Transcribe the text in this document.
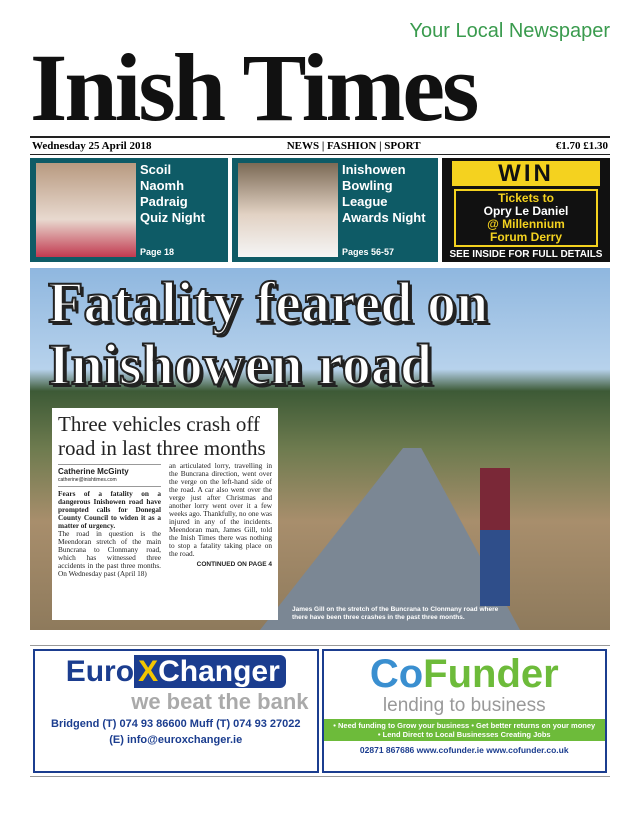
Your Local Newspaper
Inish Times
Wednesday 25 April 2018	NEWS | FASHION | SPORT	€1.70 £1.30
Scoil
Naomh
Padraig
Quiz Night
Page 18
Inishowen
Bowling
League
Awards Night
Pages 56-57
WIN
Tickets to
Opry Le Daniel
@ Millennium
Forum Derry
SEE INSIDE FOR FULL DETAILS
Fatality feared on Inishowen road
Three vehicles crash off road in last three months
Catherine McGinty
catherine@inishtimes.com

Fears of a fatality on a dangerous Inishowen road have prompted calls for Donegal County Council to widen it as a matter of urgency.

The road in question is the Meendoran stretch of the main Buncrana to Clonmany road, which has witnessed three accidents in the past three months. On Wednesday past (April 18)

an articulated lorry, travelling in the Buncrana direction, went over the verge on the left-hand side of the road. A car also went over the verge just after Christmas and another lorry went over it a few weeks ago. Thankfully, no one was injured in any of the incidents. Meendoran man, James Gill, told the Inish Times there was nothing to stop a fatality taking place on the road.

CONTINUED ON PAGE 4

James Gill on the stretch of the Buncrana to Clonmany road where there have been three crashes in the past three months.
Euro XChanger
we beat the bank
Bridgend (T) 074 93 86600 Muff (T) 074 93 27022
(E) info@euroxchanger.ie
CoFunder
lending to business
• Need funding to Grow your business • Get better returns on your money
• Lend Direct to Local Businesses Creating Jobs
02871 867686 www.cofunder.ie www.cofunder.co.uk
